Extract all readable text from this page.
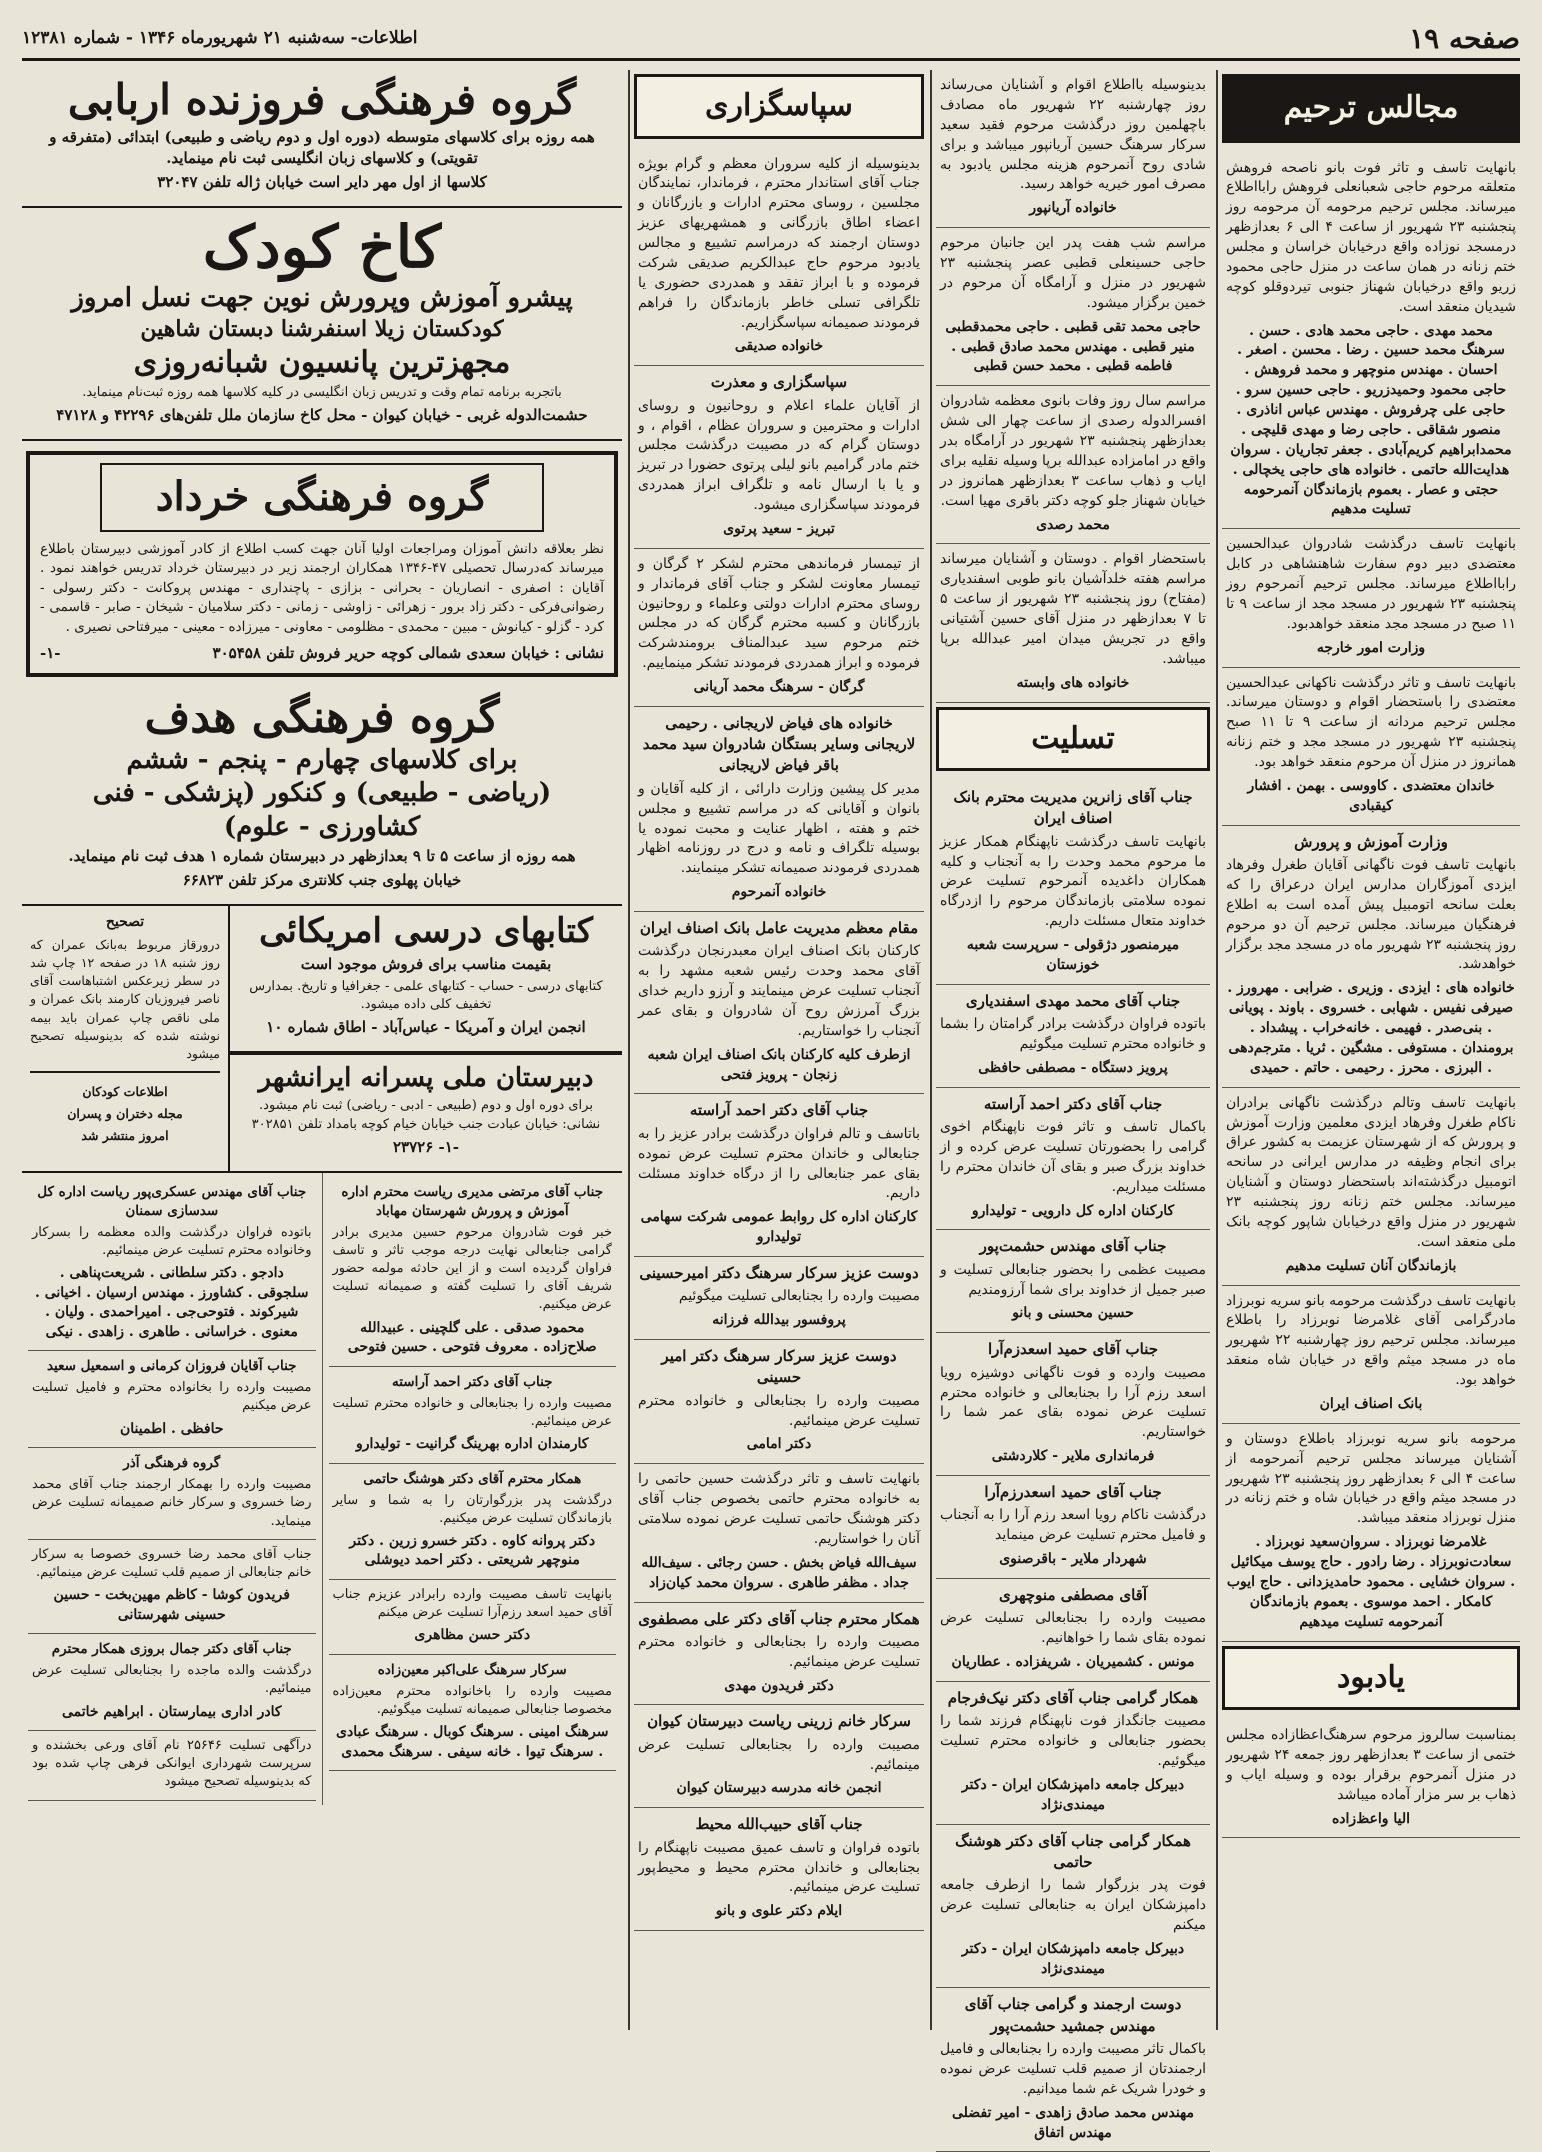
صفحه ۱۹
اطلاعات- سه‌شنبه ۲۱ شهریورماه ۱۳۴۶ - شماره ۱۲۳۸۱
مجالس ترحیم

بانهایت تاسف و تاثر فوت بانو ناصحه فروهش متعلقه مرحوم حاجی شعبانعلی فروهش رابااطلاع میرساند. مجلس ترحیم مرحومه آن مرحومه روز پنجشنبه ۲۳ شهریور از ساعت ۴ الی ۶ بعدازظهر درمسجد نوزاده واقع درخیابان خراسان و مجلس ختم زنانه در همان ساعت در منزل حاجی محمود زریو واقع درخیابان شهناز جنوبی تیردوقلو کوچه شیدیان منعقد است.

محمد مهدی . حاجی محمد هادی . حسن . سرهنگ محمد حسین . رضا . محسن . اصغر . احسان . مهندس منوچهر و محمد فروهش . حاجی محمود وحمیدزریو . حاجی حسین سرو . حاجی علی چرفروش . مهندس عباس اناذری . منصور شقاقی . حاجی رضا و مهدی قلیچی . محمدابراهیم کریم‌آبادی . جعفر تجاریان . سروان هدایت‌الله حاتمی . خانواده های حاجی یخچالی . حجتی و عصار . بعموم بازماندگان آنمرحومه تسلیت مدهیم

بانهایت تاسف درگذشت شادروان عبدالحسین معتضدی دبیر دوم سفارت شاهنشاهی در کابل رابااطلاع میرساند. مجلس ترحیم آنمرحوم روز پنجشنبه ۲۳ شهریور در مسجد مجد از ساعت ۹ تا ۱۱ صبح در مسجد مجد منعقد خواهدبود.

وزارت امور خارجه

بانهایت تاسف و تاثر درگذشت ناکهانی عبدالحسین معتضدی را باستحضار اقوام و دوستان میرساند. مجلس ترحیم مردانه از ساعت ۹ تا ۱۱ صبح پنجشنبه ۲۳ شهریور در مسجد مجد و ختم زنانه همانروز در منزل آن مرحوم منعقد خواهد بود.

خاندان معتضدی . کاووسی . بهمن . افشار کیقبادی
وزارت آموزش و پرورش

بانهایت تاسف فوت ناگهانی آقایان طغرل وفرهاد ایزدی آموزگاران مدارس ایران درعراق را که بعلت سانحه اتومبیل پیش آمده است به اطلاع فرهنگیان میرساند. مجلس ترحیم آن دو مرحوم روز پنجشنبه ۲۳ شهریور ماه در مسجد مجد برگزار خواهدشد.

خانواده های : ایزدی . وزیری . ضرابی . مهرورز . صیرفی نفیس . شهابی . خسروی . باوند . پویانی . بنی‌صدر . فهیمی . خانه‌خراب . پیشداد . برومندان . مستوفی . مشگین . ثریا . مترجم‌دهی . البرزی . محرز . رحیمی . حاتم . حمیدی

بانهایت تاسف وتالم درگذشت ناگهانی برادران ناکام طغرل وفرهاد ایزدی معلمین وزارت آموزش و پرورش که از شهرستان عزیمت به کشور عراق برای انجام وظیفه در مدارس ایرانی در سانحه اتومبیل درگذشته‌اند باستحضار دوستان و آشنایان میرساند. مجلس ختم زنانه روز پنجشنبه ۲۳ شهریور در منزل واقع درخیابان شاپور کوچه بانک ملی منعقد است.

بازماندگان آنان تسلیت مدهیم

بانهایت تاسف درگذشت مرحومه بانو سریه نوبرزاد مادرگرامی آقای غلامرضا نوبرزاد را باطلاع میرساند. مجلس ترحیم روز چهارشنبه ۲۲ شهریور ماه در مسجد میثم واقع در خیابان شاه منعقد خواهد بود.

بانک اصناف ایران

مرحومه بانو سریه نوبرزاد باطلاع دوستان و آشنایان میرساند مجلس ترحیم آنمرحومه از ساعت ۴ الی ۶ بعدازظهر روز پنجشنبه ۲۳ شهریور در مسجد میثم واقع در خیابان شاه و ختم زنانه در منزل نوبرزاد منعقد میباشد.

غلامرضا نوبرزاد . سروان‌سعید نوبرزاد . سعادت‌نوبرزاد . رضا رادور . حاج یوسف میکائیل . سروان خشایی . محمود حامدیزدانی . حاج ایوب کامکار . احمد موسوی . بعموم بازماندگان آنمرحومه تسلیت میدهیم
یادبود

بمناسبت سالروز مرحوم سرهنگ‌اعظازاده مجلس ختمی از ساعت ۳ بعدازظهر روز جمعه ۲۴ شهریور در منزل آنمرحوم برقرار بوده و وسیله ایاب و ذهاب بر سر مزار آماده میباشد

الیا واعظ‌زاده

بدینوسیله بااطلاع اقوام و آشنایان می‌رساند روز چهارشنبه ۲۲ شهریور ماه مصادف باچهلمین روز درگذشت مرحوم فقید سعید سرکار سرهنگ حسین آریانپور میباشد و برای شادی روح آنمرحوم هزینه مجلس یادبود به مصرف امور خیریه خواهد رسید.

خانواده آریانپور

مراسم شب هفت پدر این جانبان مرحوم حاجی حسینعلی قطبی عصر پنجشنبه ۲۳ شهریور در منزل و آرامگاه آن مرحوم در خمین برگزار میشود.

حاجی محمد تقی قطبی . حاجی محمدقطبی منیر قطبی . مهندس محمد صادق قطبی . فاطمه قطبی . محمد حسن قطبی

مراسم سال روز وفات بانوی معظمه شادروان افسرالدوله رصدی از ساعت چهار الی شش بعدازظهر پنجشنبه ۲۳ شهریور در آرامگاه بدر واقع در امامزاده عبدالله برپا وسیله نقلیه برای ایاب و ذهاب ساعت ۳ بعدازظهر همانروز در خیابان شهناز جلو کوچه دکتر باقری مهیا است.

محمد رصدی

باستحضار اقوام . دوستان و آشنایان میرساند مراسم هفته خلدآشیان بانو طوبی اسفندیاری (مفتاح) روز پنجشنبه ۲۳ شهریور از ساعت ۵ تا ۷ بعدازظهر در منزل آقای حسین آشتیانی واقع در تجریش میدان امیر عبدالله برپا میباشد.

خانواده های وابسته
تسلیت
جناب آقای زانرین مدیریت محترم بانک اصناف ایران

بانهایت تاسف درگذشت ناپهنگام همکار عزیز ما مرحوم محمد وحدت را به آنجناب و کلیه همکاران داغدیده آنمرحوم تسلیت عرض نموده سلامتی بازماندگان مرحوم را ازدرگاه خداوند متعال مسئلت داریم.

میرمنصور دژقولی - سرپرست شعبه خوزستان
جناب آقای محمد مهدی اسفندیاری

باتوده فراوان درگذشت برادر گرامتان را بشما و خانواده محترم تسلیت میگوئیم

پرویز دستگاه - مصطفی حافظی
جناب آقای دکتر احمد آراسته

باکمال تاسف و تاثر فوت ناپهنگام اخوی گرامی را بحضورتان تسلیت عرض کرده و از خداوند بزرگ صبر و بقای آن خاندان محترم را مسئلت میداریم.

کارکنان اداره کل دارویی - تولیدارو
جناب آقای مهندس حشمت‌پور

مصیبت عظمی را بحضور جنابعالی تسلیت و صبر جمیل از خداوند برای شما آرزومندیم

حسین محسنی و بانو
جناب آقای حمید اسعدزم‌آرا

مصیبت وارده و فوت ناگهانی دوشیزه رویا اسعد رزم آرا را بجنابعالی و خانواده محترم تسلیت عرض نموده بقای عمر شما را خواستاریم.

فرمانداری ملایر - کلاردشتی
جناب آقای حمید اسعدرزم‌آرا

درگذشت ناکام رویا اسعد رزم آرا را به آنجناب و فامیل محترم تسلیت عرض مینماید

شهردار ملایر - باقرصنوی
آقای مصطفی منوچهری

مصیبت وارده را بجنابعالی تسلیت عرض نموده بقای شما را خواهانیم.

مونس . کشمیریان . شریفزاده . عطاریان
همکار گرامی جناب آقای دکتر نیک‌فرجام

مصیبت جانگداز فوت ناپهنگام فرزند شما را بحضور جنابعالی و خانواده محترم تسلیت میگوئیم.

دبیرکل جامعه دامپزشکان ایران - دکتر میمندی‌نژاد
همکار گرامی جناب آقای دکتر هوشنگ حاتمی

فوت پدر بزرگوار شما را ازطرف جامعه دامپزشکان ایران به جنابعالی تسلیت عرض میکنم

دبیرکل جامعه دامپزشکان ایران - دکتر میمندی‌نژاد
دوست ارجمند و گرامی جناب آقای مهندس جمشید حشمت‌پور

باکمال تاثر مصیبت وارده را بجنابعالی و فامیل ارجمندتان از صمیم قلب تسلیت عرض نموده و خودرا شریک غم شما میدانیم.

مهندس محمد صادق زاهدی - امیر تفضلی مهندس اتفاق
سپاسگزاری

بدینوسیله از کلیه سروران معظم و گرام بویژه جناب آقای استاندار محترم ، فرماندار، نمایندگان مجلسین ، روسای محترم ادارات و بازرگانان و اعضاء اطاق بازرگانی و همشهریهای عزیز دوستان ارجمند که درمراسم تشییع و مجالس یادبود مرحوم حاج عبدالکریم صدیقی شرکت فرموده و با ابراز تفقد و همدردی حضوری یا تلگرافی تسلی خاطر بازماندگان را فراهم فرمودند صمیمانه سپاسگزاریم.

خانواده صدیقی
سپاسگزاری و معذرت

از آقایان علماء اعلام و روحانیون و روسای ادارات و محترمین و سروران عظام ، اقوام ، و دوستان گرام که در مصیبت درگذشت مجلس ختم مادر گرامیم بانو لیلی پرتوی حضورا در تبریز و یا با ارسال نامه و تلگراف ابراز همدردی فرمودند سپاسگزاری میشود.

تبریز - سعید پرتوی

از تیمسار فرماندهی محترم لشکر ۲ گرگان و تیمسار معاونت لشکر و جناب آقای فرماندار و روسای محترم ادارات دولتی وعلماء و روحانیون بازرگانان و کسبه محترم گرگان که در مجلس ختم مرحوم سید عبدالمناف برومندشرکت فرموده و ابراز همدردی فرمودند تشکر مینماییم.

گرگان - سرهنگ محمد آریانی
خانواده های فیاض لاریجانی . رحیمی لاریجانی وسایر بستگان شادروان سید محمد باقر فیاض لاریجانی

مدیر کل پیشین وزارت دارائی ، از کلیه آقایان و بانوان و آقایانی که در مراسم تشییع و مجلس ختم و هفته ، اظهار عنایت و محبت نموده یا بوسیله تلگراف و نامه و درج در روزنامه اظهار همدردی فرمودند صمیمانه تشکر مینمایند.

خانواده آنمرحوم
مقام معظم مدیریت عامل بانک اصناف ایران

کارکنان بانک اصناف ایران معبدرنجان درگذشت آقای محمد وحدت رئیس شعبه مشهد را به آنجناب تسلیت عرض مینمایند و آرزو داریم خدای بزرگ آمرزش روح آن شادروان و بقای عمر آنجناب را خواستاریم.

ازطرف کلیه کارکنان بانک اصناف ایران شعبه زنجان - پرویز فتحی
جناب آقای دکتر احمد آراسته

باتاسف و تالم فراوان درگذشت برادر عزیز را به جنابعالی و خاندان محترم تسلیت عرض نموده بقای عمر جنابعالی را از درگاه خداوند مسئلت داریم.

کارکنان اداره کل روابط عمومی شرکت سهامی تولیدارو
دوست عزیز سرکار سرهنگ دکتر امیرحسینی

مصیبت وارده را بجنابعالی تسلیت میگوئیم

پروفسور بیدالله فرزانه
دوست عزیز سرکار سرهنگ دکتر امیر حسینی

مصیبت وارده را بجنابعالی و خانواده محترم تسلیت عرض مینمائیم.

دکتر امامی

بانهایت تاسف و تاثر درگذشت حسین حاتمی را به خانواده محترم حاتمی بخصوص جناب آقای دکتر هوشنگ حاتمی تسلیت عرض نموده سلامتی آنان را خواستاریم.

سیف‌الله فیاض بخش . حسن رجائی . سیف‌الله جداد . مظفر طاهری . سروان محمد کیان‌زاد
همکار محترم جناب آقای دکتر علی مصطفوی

مصیبت وارده را بجنابعالی و خانواده محترم تسلیت عرض مینمائیم.

دکتر فریدون مهدی
سرکار خانم زرینی ریاست دبیرستان کیوان

مصیبت وارده را بجنابعالی تسلیت عرض مینمائیم.

انجمن خانه مدرسه دبیرستان کیوان
جناب آقای حبیب‌الله محیط

باتوده فراوان و تاسف عمیق مصیبت ناپهنگام را بجنابعالی و خاندان محترم محیط و محیط‌پور تسلیت عرض مینمائیم.

ایلام دکتر علوی و بانو
گروه فرهنگی فروزنده اربابی

همه روزه برای کلاسهای متوسطه (دوره اول و دوم ریاضی و طبیعی) ابتدائی (متفرقه و تقویتی) و کلاسهای زبان انگلیسی ثبت نام مینماید.

کلاسها از اول مهر دایر است خیابان ژاله تلفن ۳۲۰۴۷

کاخ کودک
پیشرو آموزش وپرورش نوین جهت نسل امروز
کودکستان زیلا اسنفرشنا دبستان شاهین
مجهزترین پانسیون شبانه‌روزی

باتجربه برنامه تمام وقت و تدریس زبان انگلیسی در کلیه کلاسها همه روزه ثبت‌نام مینماید.

حشمت‌الدوله غربی - خیابان کیوان - محل کاخ سازمان ملل تلفن‌های ۴۲۲۹۶ و ۴۷۱۲۸

گروه فرهنگی خرداد

نظر بعلاقه دانش آموزان ومراجعات اولیا آنان جهت کسب اطلاع از کادر آموزشی دبیرستان باطلاع میرساند که‌درسال تحصیلی ۴۷-۱۳۴۶ همکاران ارجمند زیر در دبیرستان خرداد تدریس خواهند نمود . آقایان : اصفری - انصاریان - بحرانی - بزازی - پاچنداری - مهندس پروکانت - دکتر رسولی - رضوانی‌فرکی - دکتر زاد برور - زهرائی - زاوشی - زمانی - دکتر سلامیان - شیخان - صابر - قاسمی - کرد - گزلو - کیانوش - مبین - محمدی - مظلومی - معاونی - میرزاده - معینی - میرفتاحی نصیری .

نشانی : خیابان سعدی شمالی کوچه حریر فروش تلفن ۳۰۵۴۵۸
-۱-
گروه فرهنگی هدف
برای کلاسهای چهارم - پنجم - ششم
(ریاضی - طبیعی) و کنکور (پزشکی - فنی
کشاورزی - علوم)

همه روزه از ساعت ۵ تا ۹ بعدازظهر در دبیرستان شماره ۱ هدف ثبت نام مینماید.

خیابان پهلوی جنب کلانتری مرکز تلفن ۶۶۸۲۳

کتابهای درسی امریکائی

بقیمت مناسب برای فروش موجود است

کتابهای درسی - حساب - کتابهای علمی - جغرافیا و تاریخ. بمدارس تخفیف کلی داده میشود.

انجمن ایران و آمریکا - عباس‌آباد - اطاق شماره ۱۰

دبیرستان ملی پسرانه ایرانشهر

برای دوره اول و دوم (طبیعی - ادبی - ریاضی) ثبت نام میشود. نشانی: خیابان عبادت جنب خیابان خیام کوچه بامداد تلفن ۳۰۲۸۵۱

-۱- ۲۳۷۲۶

تصحیح

درورقاز مربوط به‌بانک عمران که روز شنبه ۱۸ در صفحه ۱۲ چاپ شد در سطر زیرعکس اشتباهاست آقای ناصر فیروزیان کارمند بانک عمران و ملی ناقص چاپ عمران باید بیمه نوشته شده که بدینوسیله تصحیح میشود

اطلاعات کودکان
مجله دختران و پسران
امروز منتشر شد
جناب آقای مرتضی مدیری ریاست محترم اداره آموزش و پرورش شهرستان مهاباد

خبر فوت شادروان مرحوم حسین مدیری برادر گرامی جنابعالی نهایت درجه موجب تاثر و تاسف فراوان گردیده است و از این حادثه مولمه حضور شریف آقای را تسلیت گفته و صمیمانه تسلیت عرض میکنیم.

محمود صدقی . علی گلچینی . عبیدالله صلاح‌زاده . معروف فتوحی . حسین فتوحی
جناب آقای دکتر احمد آراسته

مصیبت وارده را بجنابعالی و خانواده محترم تسلیت عرض مینمائیم.

کارمندان اداره بهرینگ گرانیت - تولیدارو
همکار محترم آقای دکتر هوشنگ حاتمی

درگذشت پدر بزرگوارتان را به شما و سایر بازماندگان تسلیت عرض میکنیم.

دکتر پروانه کاوه . دکتر خسرو زرین . دکتر منوچهر شریعتی . دکتر احمد دیوشلی

بانهایت تاسف مصیبت وارده رابرادر عزیزم جناب آقای حمید اسعد رزم‌آرا تسلیت عرض میکنم

دکتر حسن مظاهری
سرکار سرهنگ علی‌اکبر معین‌زاده

مصیبت وارده را باخانواده محترم معین‌زاده مخصوصا جنابعالی صمیمانه تسلیت میگوئیم.

سرهنگ امینی . سرهنگ کوبال . سرهنگ عبادی . سرهنگ تیوا . خانه سیفی . سرهنگ محمدی
جناب آقای مهندس عسکری‌پور ریاست اداره کل سدسازی سمنان

باتوده فراوان درگذشت والده معظمه را بسرکار وخانواده محترم تسلیت عرض مینمائیم.

دادجو . دکتر سلطانی . شریعت‌پناهی . سلجوقی . کشاورز . مهندس ارسیان . اخیانی . شیرکوند . فتوحی‌جی . امیراحمدی . ولیان . معنوی . خراسانی . طاهری . زاهدی . نیکی
جناب آقایان فروزان کرمانی و اسمعیل سعید

مصیبت وارده را بخانواده محترم و فامیل تسلیت عرض میکنیم

حافظی . اطمینان
گروه فرهنگی آذر

مصیبت وارده را بهمکار ارجمند جناب آقای محمد رضا خسروی و سرکار خانم صمیمانه تسلیت عرض مینماید.

جناب آقای محمد رضا خسروی خصوصا به سرکار خانم جنابعالی از صمیم قلب تسلیت عرض مینمائیم.

فریدون کوشا - کاظم مهین‌بخت - حسین حسینی شهرستانی
جناب آقای دکتر جمال بروزی همکار محترم

درگذشت والده ماجده را بجنابعالی تسلیت عرض مینمائیم.

کادر اداری بیمارستان . ابراهیم خاتمی

درآگهی تسلیت ۲۵۶۴۶ نام آقای ورعی بخشنده و سرپرست شهرداری ایوانکی فرهی چاپ شده بود که بدینوسیله تصحیح میشود
